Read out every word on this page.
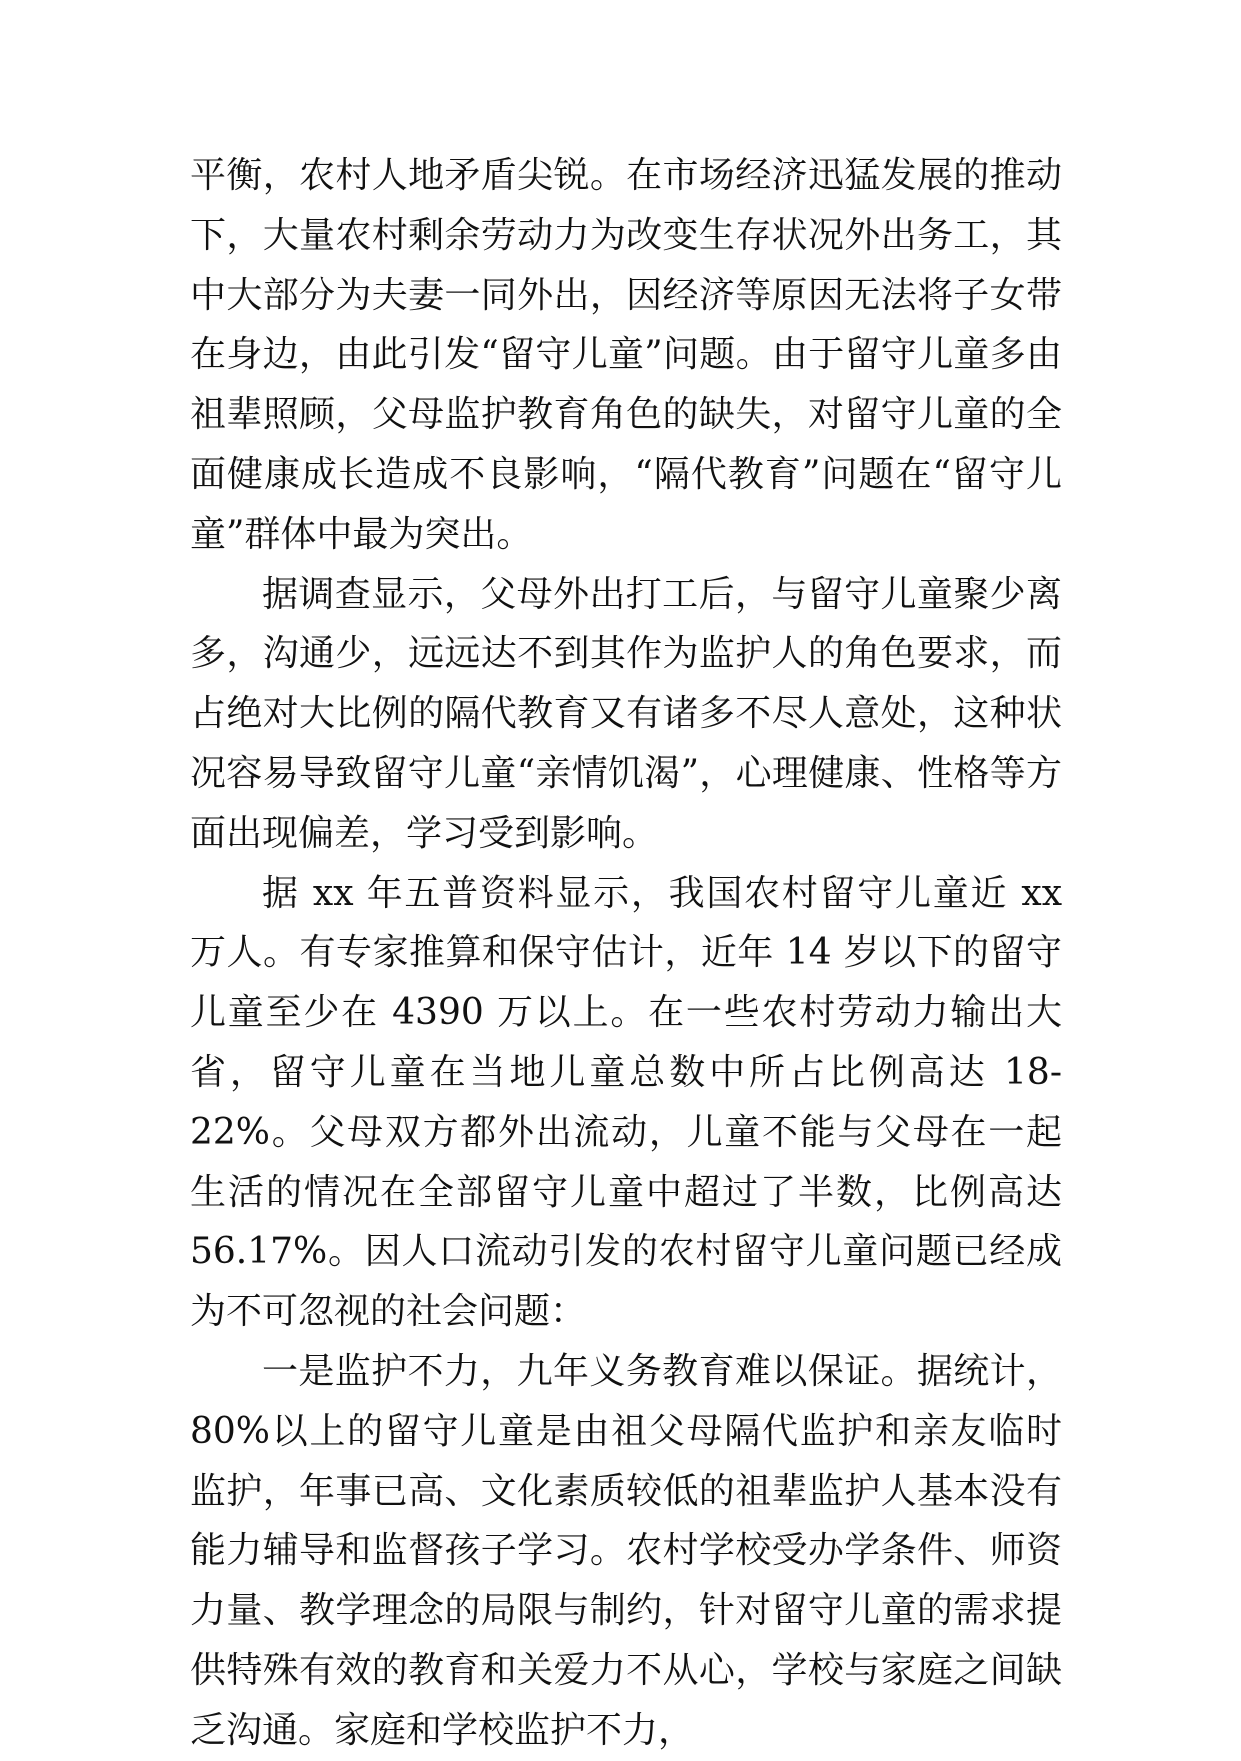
平衡，农村人地矛盾尖锐。在市场经济迅猛发展的推动下，大量农村剩余劳动力为改变生存状况外出务工，其中大部分为夫妻一同外出，因经济等原因无法将子女带在身边，由此引发“留守儿童”问题。由于留守儿童多由祖辈照顾，父母监护教育角色的缺失，对留守儿童的全面健康成长造成不良影响，“隔代教育”问题在“留守儿童”群体中最为突出。

据调查显示，父母外出打工后，与留守儿童聚少离多，沟通少，远远达不到其作为监护人的角色要求，而占绝对大比例的隔代教育又有诸多不尽人意处，这种状况容易导致留守儿童“亲情饥渴”，心理健康、性格等方面出现偏差，学习受到影响。

据 xx 年五普资料显示，我国农村留守儿童近 xx 万人。有专家推算和保守估计，近年 14 岁以下的留守儿童至少在 4390 万以上。在一些农村劳动力输出大省，留守儿童在当地儿童总数中所占比例高达 18-22%。父母双方都外出流动，儿童不能与父母在一起生活的情况在全部留守儿童中超过了半数，比例高达 56.17%。因人口流动引发的农村留守儿童问题已经成为不可忽视的社会问题：

一是监护不力，九年义务教育难以保证。据统计，80%以上的留守儿童是由祖父母隔代监护和亲友临时监护，年事已高、文化素质较低的祖辈监护人基本没有能力辅导和监督孩子学习。农村学校受办学条件、师资力量、教学理念的局限与制约，针对留守儿童的需求提供特殊有效的教育和关爱力不从心，学校与家庭之间缺乏沟通。家庭和学校监护不力，
